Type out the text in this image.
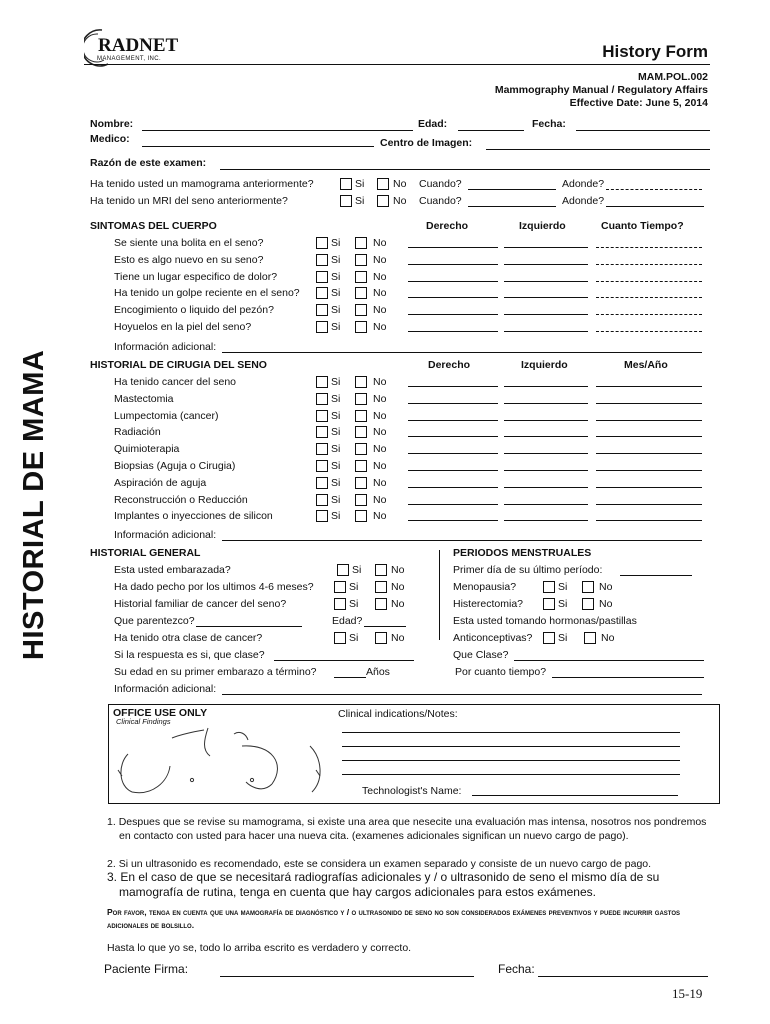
RADNET
MANAGEMENT, INC.	History Form
MAM.POL.002
Mammography Manual / Regulatory Affairs
Effective Date: June 5, 2014
HISTORIAL DE MAMA
Nombre:	Edad:	Fecha:
Medico:	Centro de Imagen:
Razón de este examen:
Ha tenido usted un mamograma anteriormente?	Si	No Cuando?	Adonde?
Ha tenido un MRI del seno anteriormente?	Si	No Cuando?	Adonde?
SINTOMAS DEL CUERPO	Derecho	Izquierdo	Cuanto Tiempo?
Se siente una bolita en el seno?	Si	No
Esto es algo nuevo en su seno?	Si	No
Tiene un lugar especifico de dolor?	Si	No
Ha tenido un golpe reciente en el seno?	Si	No
Encogimiento o liquido del pezón?	Si	No
Hoyuelos en la piel del seno?	Si	No
Información adicional:
HISTORIAL DE CIRUGIA DEL SENO	Derecho	Izquierdo	Mes/Año
Ha tenido cancer del seno	Si	No
Mastectomia	Si	No
Lumpectomia (cancer)	Si	No
Radiación	Si	No
Quimioterapia	Si	No
Biopsias (Aguja o Cirugia)	Si	No
Aspiración de aguja	Si	No
Reconstrucción o Reducción	Si	No
Implantes o inyecciones de silicon	Si	No
Información adicional:
HISTORIAL GENERAL
Esta usted embarazada?	Si	No
Ha dado pecho por los ultimos 4-6 meses?	Si	No
Historial familiar de cancer del seno?	Si	No
Que parentezco?	Edad?
Ha tenido otra clase de cancer?	Si	No
Si la respuesta es si, que clase?
Su edad en su primer embarazo a término?	Años
Información adicional:
PERIODOS MENSTRUALES
Primer día de su último período:
Menopausia?	Si	No
Histerectomia?	Si	No
Esta usted tomando hormonas/pastillas
Anticonceptivas? Si	No
Que Clase?
Por cuanto tiempo?
OFFICE USE ONLY
Clinical Findings
Clinical indications/Notes:
Technologist's Name:
1. Despues que se revise su mamograma, si existe una area que nesecite una evaluación mas intensa, nosotros nos pondremos en contacto con usted para hacer una nueva cita. (examenes adicionales significan un nuevo cargo de pago).
2. Si un ultrasonido es recomendado, este se considera un examen separado y consiste de un nuevo cargo de pago.
3. En el caso de que se necesitará radiografías adicionales y / o ultrasonido de seno el mismo día de su mamografía de rutina, tenga en cuenta que hay cargos adicionales para estos exámenes.
Por favor, tenga en cuenta que una mamografía de diagnóstico y / o ultrasonido de seno no son considerados exámenes preventivos y puede incurrir gastos adicionales de bolsillo.
Hasta lo que yo se, todo lo arriba escrito es verdadero y correcto.
Paciente Firma:	Fecha:
15-19
